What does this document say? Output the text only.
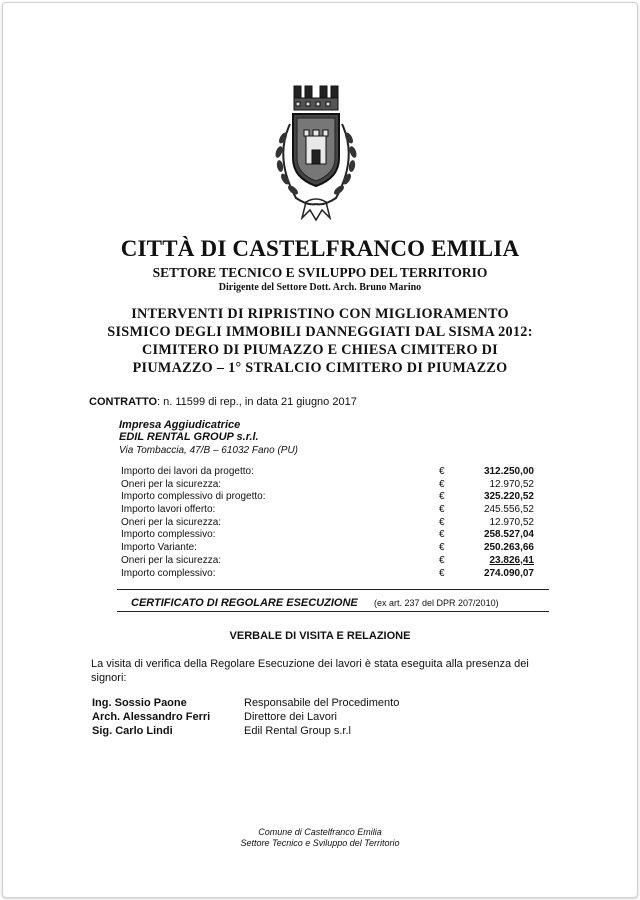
CITTÀ DI CASTELFRANCO EMILIA
SETTORE TECNICO E SVILUPPO DEL TERRITORIO
Dirigente del Settore Dott. Arch. Bruno Marino
INTERVENTI DI RIPRISTINO CON MIGLIORAMENTO
SISMICO DEGLI IMMOBILI DANNEGGIATI DAL SISMA 2012:
CIMITERO DI PIUMAZZO E CHIESA CIMITERO DI
PIUMAZZO – 1° STRALCIO CIMITERO DI PIUMAZZO
CONTRATTO: n. 11599 di rep., in data 21 giugno 2017
Impresa Aggiudicatrice
EDIL RENTAL GROUP s.r.l.
Via Tombaccia, 47/B – 61032 Fano (PU)
Importo dei lavori da progetto:	€	312.250,00
Oneri per la sicurezza:	€	12.970,52
Importo complessivo di progetto:	€	325.220,52
Importo lavori offerto:	€	245.556,52
Oneri per la sicurezza:	€	12.970,52
Importo complessivo:	€	258.527,04
Importo Variante:	€	250.263,66
Oneri per la sicurezza:	€	23.826,41
Importo complessivo:	€	274.090,07
CERTIFICATO DI REGOLARE ESECUZIONE (ex art. 237 del DPR 207/2010)
VERBALE DI VISITA E RELAZIONE
La visita di verifica della Regolare Esecuzione dei lavori è stata eseguita alla presenza dei signori:
Ing. Sossio Paone	Responsabile del Procedimento
Arch. Alessandro Ferri	Direttore dei Lavori
Sig. Carlo Lindi	Edil Rental Group s.r.l
Comune di Castelfranco Emilia
Settore Tecnico e Sviluppo del Territorio
